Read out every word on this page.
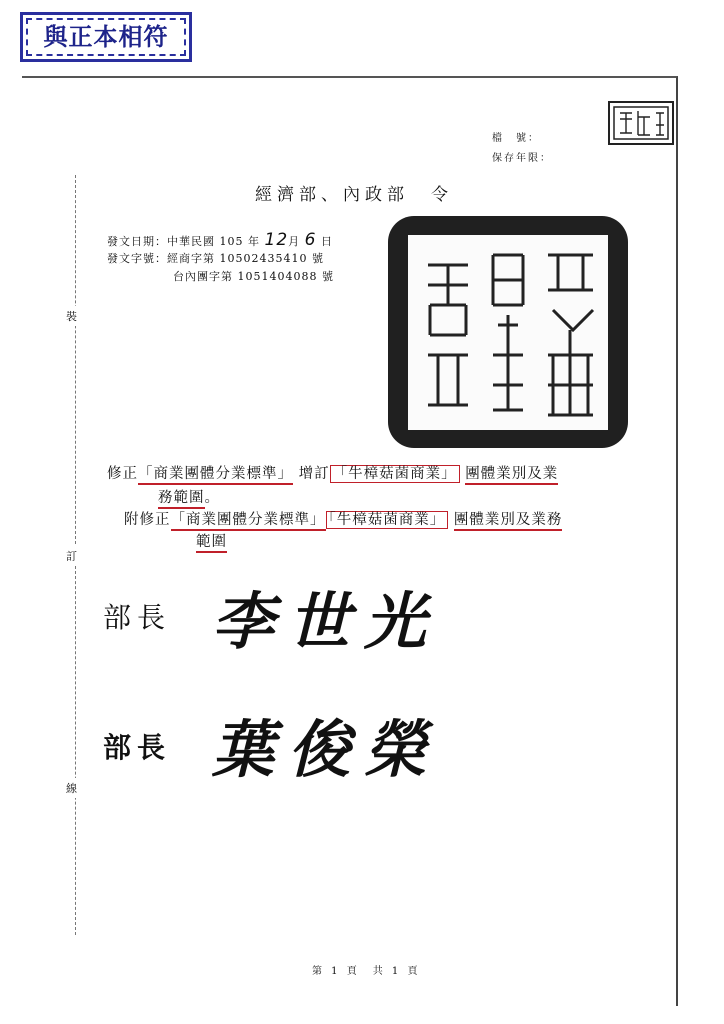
與正本相符
檔　號：
保存年限：
裝
訂
線
經濟部、內政部　令
發文日期：中華民國 105 年 12月 6 日
發文字號：經商字第 10502435410 號
台內團字第 1051404088 號
修正「商業團體分業標準」 增訂 「牛樟菇菌商業」 團體業別及業
務範圍。
附修正「商業團體分業標準」 「牛樟菇菌商業」 團體業別及業務
範圍
部長 李世光
部長 葉俊榮
第 1 頁　共 1 頁
